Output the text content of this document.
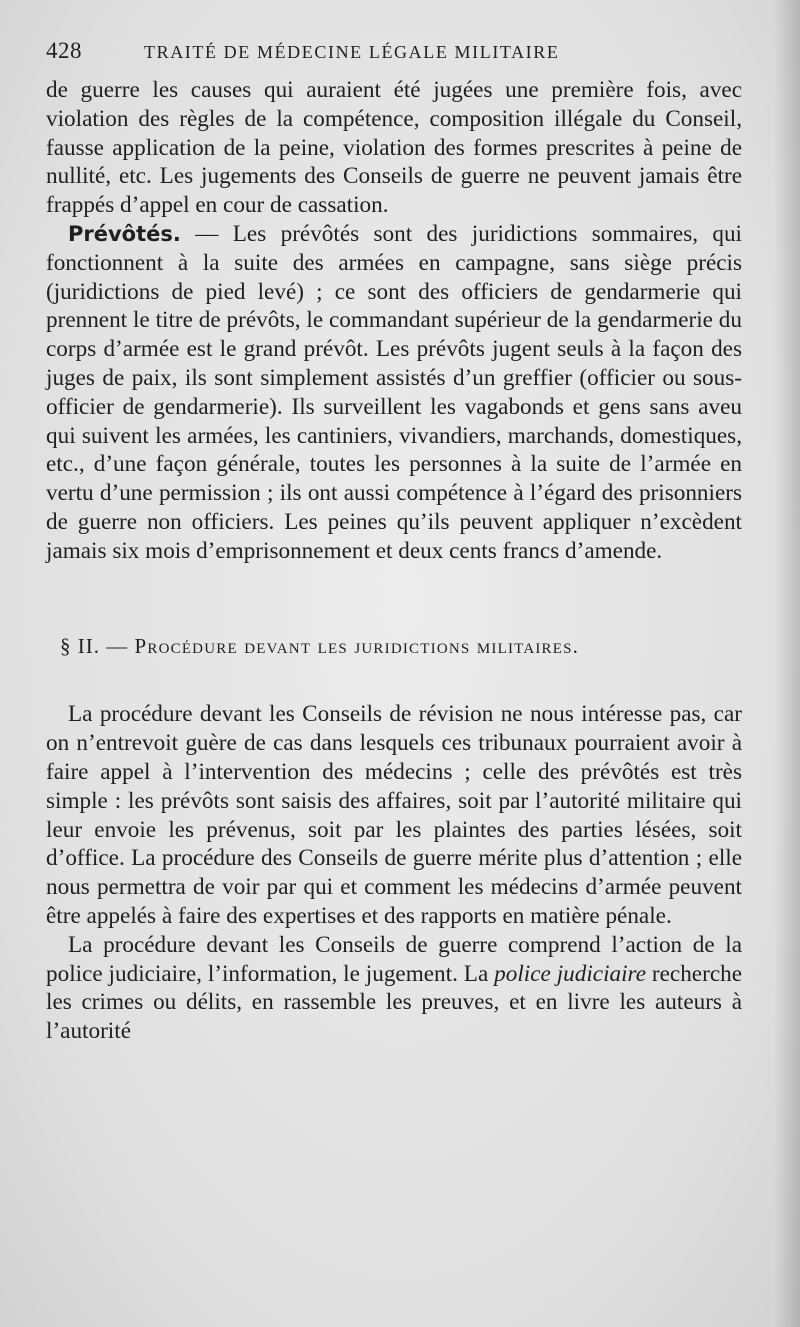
428	TRAITÉ DE MÉDECINE LÉGALE MILITAIRE

de guerre les causes qui auraient été jugées une première fois, avec violation des règles de la compétence, composition illégale du Conseil, fausse application de la peine, violation des formes prescrites à peine de nullité, etc. Les jugements des Conseils de guerre ne peuvent jamais être frappés d’appel en cour de cassation.

Prévôtés. — Les prévôtés sont des juridictions sommaires, qui fonctionnent à la suite des armées en campagne, sans siège précis (juridictions de pied levé) ; ce sont des officiers de gendarmerie qui prennent le titre de prévôts, le commandant supérieur de la gendarmerie du corps d’armée est le grand prévôt. Les prévôts jugent seuls à la façon des juges de paix, ils sont simplement assistés d’un greffier (officier ou sous-officier de gendarmerie). Ils surveillent les vagabonds et gens sans aveu qui suivent les armées, les cantiniers, vivandiers, marchands, domestiques, etc., d’une façon générale, toutes les personnes à la suite de l’armée en vertu d’une permission ; ils ont aussi compétence à l’égard des prisonniers de guerre non officiers. Les peines qu’ils peuvent appliquer n’excèdent jamais six mois d’emprisonnement et deux cents francs d’amende.

§ II. — Procédure devant les juridictions militaires.

La procédure devant les Conseils de révision ne nous intéresse pas, car on n’entrevoit guère de cas dans lesquels ces tribunaux pourraient avoir à faire appel à l’intervention des médecins ; celle des prévôtés est très simple : les prévôts sont saisis des affaires, soit par l’autorité militaire qui leur envoie les prévenus, soit par les plaintes des parties lésées, soit d’office. La procédure des Conseils de guerre mérite plus d’attention ; elle nous permettra de voir par qui et comment les médecins d’armée peuvent être appelés à faire des expertises et des rapports en matière pénale.

La procédure devant les Conseils de guerre comprend l’action de la police judiciaire, l’information, le jugement. La police judiciaire recherche les crimes ou délits, en rassemble les preuves, et en livre les auteurs à l’autorité
